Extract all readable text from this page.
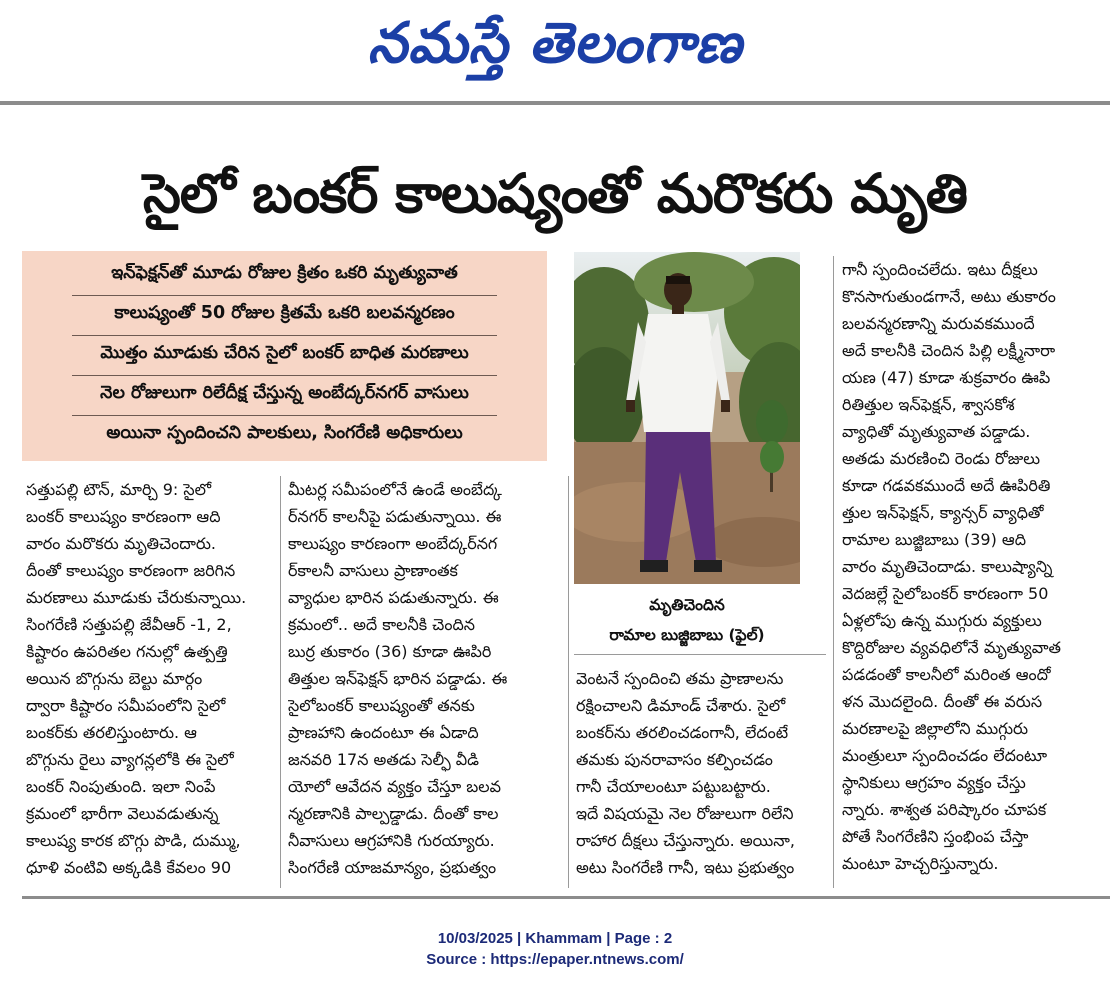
నమస్తే తెలంగాణ
సైలో బంకర్ కాలుష్యంతో మరొకరు మృతి
ఇన్‌ఫెక్షన్‌తో మూడు రోజుల క్రితం ఒకరి మృత్యువాత
కాలుష్యంతో 50 రోజుల క్రితమే ఒకరి బలవన్మరణం
మొత్తం మూడుకు చేరిన సైలో బంకర్ బాధిత మరణాలు
నెల రోజులుగా రిలేదీక్ష చేస్తున్న అంబేద్కర్‌నగర్ వాసులు
అయినా స్పందించని పాలకులు, సింగరేణి అధికారులు
మృతిచెందిన
రామాల బుజ్జిబాబు (ఫైల్)

సత్తుపల్లి టౌన్, మార్చి 9: సైలో

బంకర్ కాలుష్యం కారణంగా ఆది

వారం మరొకరు మృతిచెందారు.

దీంతో కాలుష్యం కారణంగా జరిగిన

మరణాలు మూడుకు చేరుకున్నాయి.

సింగరేణి సత్తుపల్లి జేవీఆర్ -1, 2,

కిష్టారం ఉపరితల గనుల్లో ఉత్పత్తి

అయిన బొగ్గును బెల్టు మార్గం

ద్వారా కిష్టారం సమీపంలోని సైలో

బంకర్‌కు తరలిస్తుంటారు. ఆ

బొగ్గును రైలు వ్యాగన్లలోకి ఈ సైలో

బంకర్ నింపుతుంది. ఇలా నింపే

క్రమంలో భారీగా వెలువడుతున్న

కాలుష్య కారక బొగ్గు పొడి, దుమ్ము,

ధూళి వంటివి అక్కడికి కేవలం 90

మీటర్ల సమీపంలోనే ఉండే అంబేద్క

ర్‌నగర్ కాలనీపై పడుతున్నాయి. ఈ

కాలుష్యం కారణంగా అంబేద్కర్‌నగ

ర్‌కాలనీ వాసులు ప్రాణాంతక

వ్యాధుల భారిన పడుతున్నారు. ఈ

క్రమంలో.. అదే కాలనీకి చెందిన

బుర్ర తుకారం (36) కూడా ఊపిరి

తిత్తుల ఇన్‌ఫెక్షన్ భారిన పడ్డాడు. ఈ

సైలోబంకర్ కాలుష్యంతో తనకు

ప్రాణహాని ఉందంటూ ఈ ఏడాది

జనవరి 17న అతడు సెల్ఫీ వీడి

యోలో ఆవేదన వ్యక్తం చేస్తూ బలవ

న్మరణానికి పాల్పడ్డాడు. దీంతో కాల

నీవాసులు ఆగ్రహానికి గురయ్యారు.

సింగరేణి యాజమాన్యం, ప్రభుత్వం

వెంటనే స్పందించి తమ ప్రాణాలను

రక్షించాలని డిమాండ్ చేశారు. సైలో

బంకర్‌ను తరలించడంగానీ, లేదంటే

తమకు పునరావాసం కల్పించడం

గానీ చేయాలంటూ పట్టుబట్టారు.

ఇదే విషయమై నెల రోజులుగా రిలేని

రాహార దీక్షలు చేస్తున్నారు. అయినా,

అటు సింగరేణి గానీ, ఇటు ప్రభుత్వం

గానీ స్పందించలేదు. ఇటు దీక్షలు

కొనసాగుతుండగానే, అటు తుకారం

బలవన్మరణాన్ని మరువకముందే

అదే కాలనీకి చెందిన పిల్లి లక్ష్మీనారా

యణ (47) కూడా శుక్రవారం ఊపి

రితిత్తుల ఇన్‌ఫెక్షన్, శ్వాసకోశ

వ్యాధితో మృత్యువాత పడ్డాడు.

అతడు మరణించి రెండు రోజులు

కూడా గడవకముందే అదే ఊపిరితి

త్తుల ఇన్‌ఫెక్షన్, క్యాన్సర్ వ్యాధితో

రామాల బుజ్జిబాబు (39) ఆది

వారం మృతిచెందాడు. కాలుష్యాన్ని

వెదజల్లే సైలోబంకర్ కారణంగా 50

ఏళ్లలోపు ఉన్న ముగ్గురు వ్యక్తులు

కొద్దిరోజుల వ్యవధిలోనే మృత్యువాత

పడడంతో కాలనీలో మరింత ఆందో

ళన మొదలైంది. దీంతో ఈ వరుస

మరణాలపై జిల్లాలోని ముగ్గురు

మంత్రులూ స్పందించడం లేదంటూ

స్థానికులు ఆగ్రహం వ్యక్తం చేస్తు

న్నారు. శాశ్వత పరిష్కారం చూపక

పోతే సింగరేణిని స్తంభింప చేస్తా

మంటూ హెచ్చరిస్తున్నారు.

10/03/2025 | Khammam | Page : 2
Source : https://epaper.ntnews.com/
